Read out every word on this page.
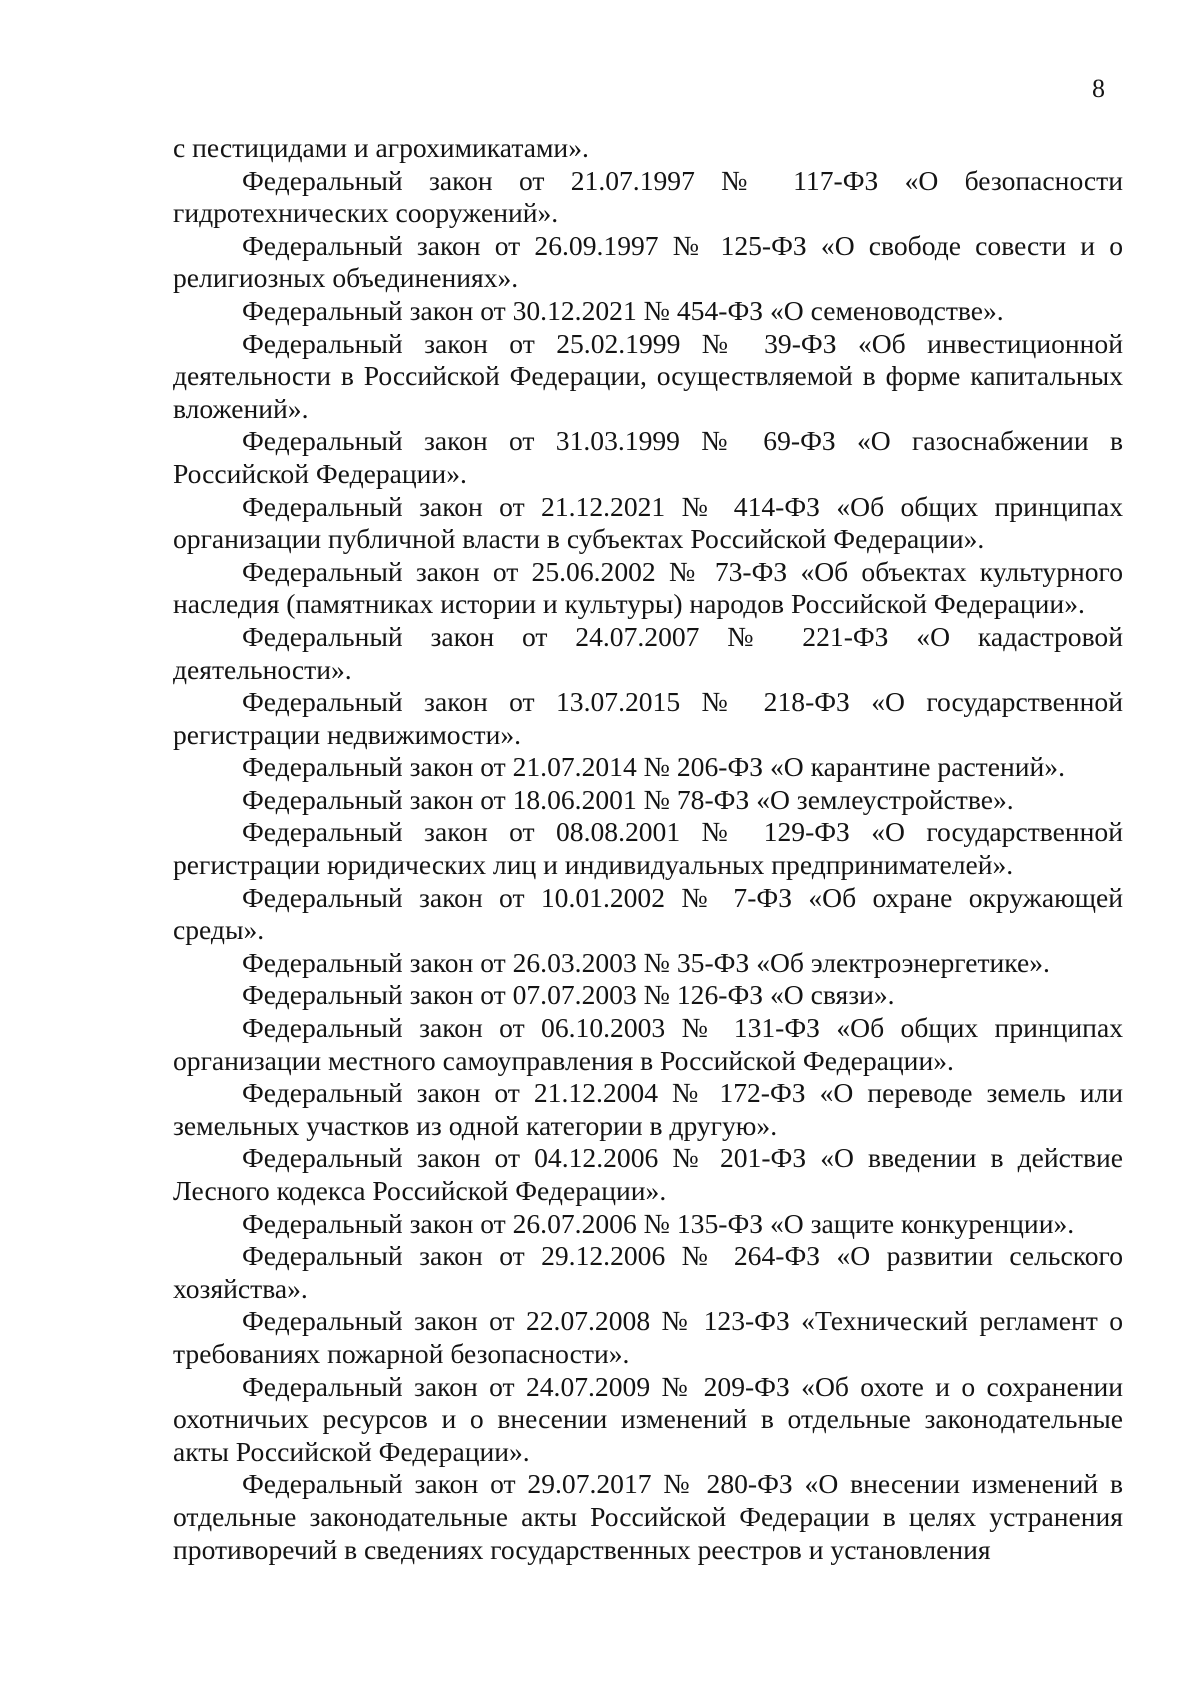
8

с пестицидами и агрохимикатами».

Федеральный закон от 21.07.1997 № 117-ФЗ «О безопасности гидротехнических сооружений».

Федеральный закон от 26.09.1997 № 125-ФЗ «О свободе совести и о религиозных объединениях».

Федеральный закон от 30.12.2021 № 454-ФЗ «О семеноводстве».

Федеральный закон от 25.02.1999 № 39-ФЗ «Об инвестиционной деятельности в Российской Федерации, осуществляемой в форме капитальных вложений».

Федеральный закон от 31.03.1999 № 69-ФЗ «О газоснабжении в Российской Федерации».

Федеральный закон от 21.12.2021 № 414-ФЗ «Об общих принципах организации публичной власти в субъектах Российской Федерации».

Федеральный закон от 25.06.2002 № 73-ФЗ «Об объектах культурного наследия (памятниках истории и культуры) народов Российской Федерации».

Федеральный закон от 24.07.2007 № 221-ФЗ «О кадастровой деятельности».

Федеральный закон от 13.07.2015 № 218-ФЗ «О государственной регистрации недвижимости».

Федеральный закон от 21.07.2014 № 206-ФЗ «О карантине растений».

Федеральный закон от 18.06.2001 № 78-ФЗ «О землеустройстве».

Федеральный закон от 08.08.2001 № 129-ФЗ «О государственной регистрации юридических лиц и индивидуальных предпринимателей».

Федеральный закон от 10.01.2002 № 7-ФЗ «Об охране окружающей среды».

Федеральный закон от 26.03.2003 № 35-ФЗ «Об электроэнергетике».

Федеральный закон от 07.07.2003 № 126-ФЗ «О связи».

Федеральный закон от 06.10.2003 № 131-ФЗ «Об общих принципах организации местного самоуправления в Российской Федерации».

Федеральный закон от 21.12.2004 № 172-ФЗ «О переводе земель или земельных участков из одной категории в другую».

Федеральный закон от 04.12.2006 № 201-ФЗ «О введении в действие Лесного кодекса Российской Федерации».

Федеральный закон от 26.07.2006 № 135-ФЗ «О защите конкуренции».

Федеральный закон от 29.12.2006 № 264-ФЗ «О развитии сельского хозяйства».

Федеральный закон от 22.07.2008 № 123-ФЗ «Технический регламент о требованиях пожарной безопасности».

Федеральный закон от 24.07.2009 № 209-ФЗ «Об охоте и о сохранении охотничьих ресурсов и о внесении изменений в отдельные законодательные акты Российской Федерации».

Федеральный закон от 29.07.2017 № 280-ФЗ «О внесении изменений в отдельные законодательные акты Российской Федерации в целях устранения противоречий в сведениях государственных реестров и установления
